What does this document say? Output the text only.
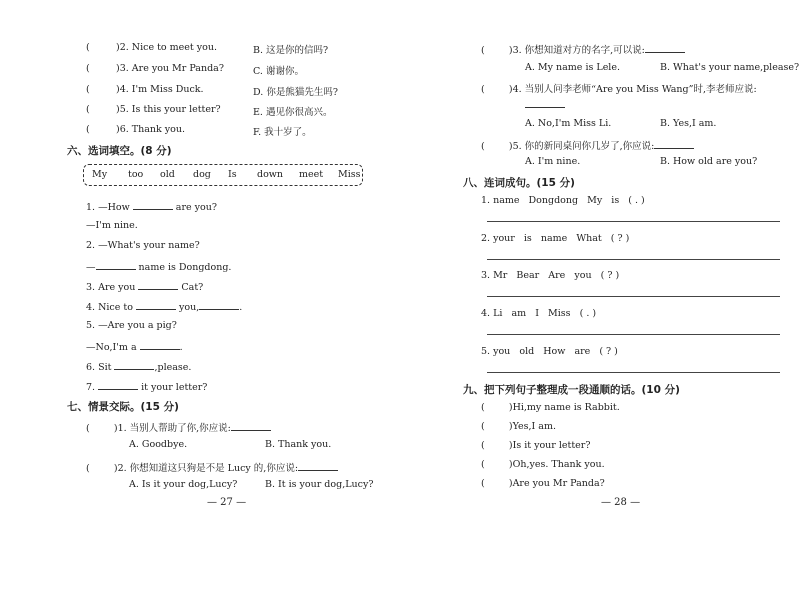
(	)2. Nice to meet you.	B. 这是你的信吗?
(	)3. Are you Mr Panda?	C. 谢谢你。
(	)4. I'm Miss Duck.	D. 你是熊猫先生吗?
(	)5. Is this your letter?	E. 遇见你很高兴。
(	)6. Thank you.	F. 我十岁了。
六、选词填空。(8 分)
My too old dog Is down meet Miss
1. —How	are you?
—I'm nine.
2. —What's your name?
—	name is Dongdong.
3. Are you	Cat?
4. Nice to	you,	.
5. —Are you a pig?
—No,I'm a	.
6. Sit	,please.
7.	it your letter?
七、情景交际。(15 分)
(        )1. 当别人帮助了你,你应说:
A. Goodbye.	B. Thank you.
(        )2. 你想知道这只狗是不是 Lucy 的,你应说:
A. Is it your dog,Lucy?	B. It is your dog,Lucy?
— 27 —
(        )3. 你想知道对方的名字,可以说:
A. My name is Lele.	B. What's your name,please?
(        )4. 当别人问李老师“Are you Miss Wang”时,李老师应说:
A. No,I'm Miss Li.	B. Yes,I am.
(        )5. 你的新同桌问你几岁了,你应说:
A. I'm nine.	B. How old are you?
八、连词成句。(15 分)
1. name   Dongdong   My   is   ( . )
2. your   is   name   What   ( ? )
3. Mr   Bear   Are   you   ( ? )
4. Li   am   I   Miss   ( . )
5. you   old   How   are   ( ? )
九、把下列句子整理成一段通顺的话。(10 分)
(        )Hi,my name is Rabbit.
(        )Yes,I am.
(        )Is it your letter?
(        )Oh,yes. Thank you.
(        )Are you Mr Panda?
— 28 —
